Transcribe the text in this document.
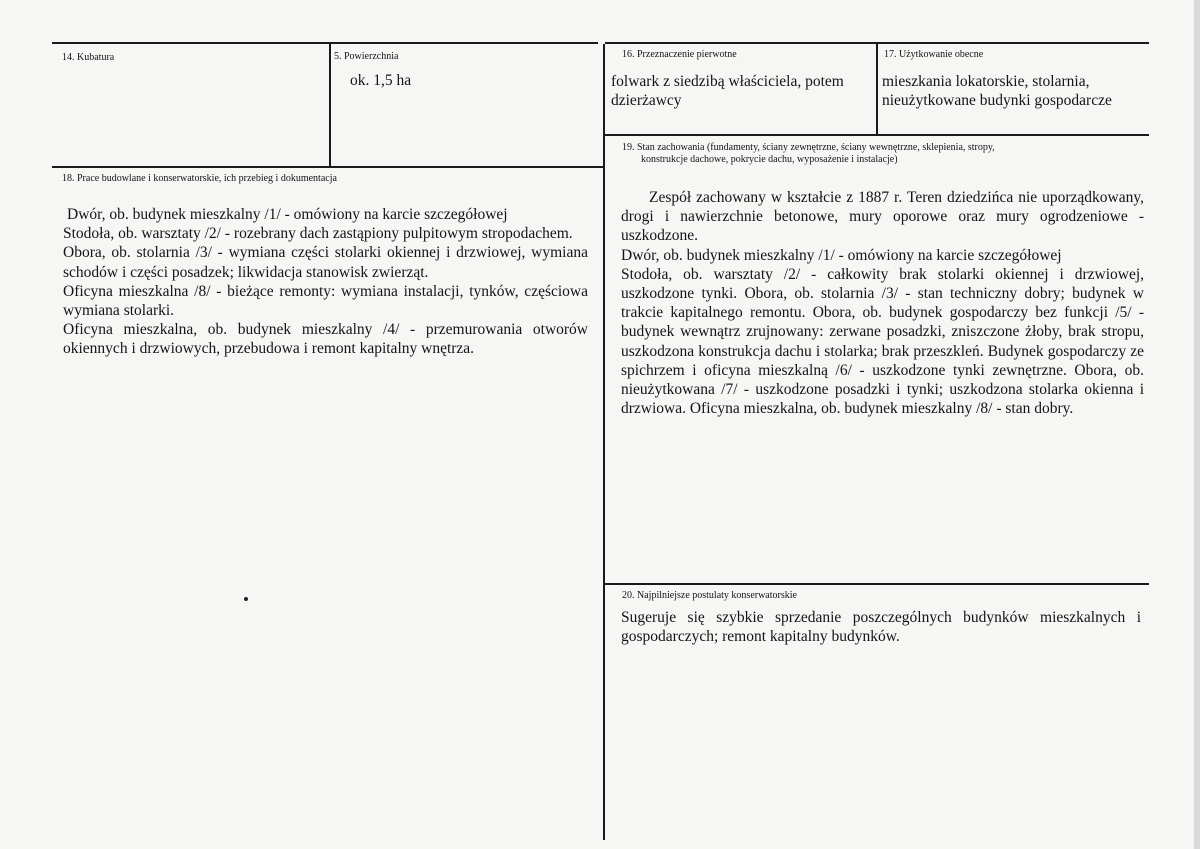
14. Kubatura	5. Powierzchnia
ok. 1,5 ha
16. Przeznaczenie pierwotne
folwark z siedzibą właściciela, potem dzierżawcy
17. Użytkowanie obecne
mieszkania lokatorskie, stolarnia, nieużytkowane budynki gospodarcze
18. Prace budowlane i konserwatorskie, ich przebieg i dokumentacja

Dwór, ob. budynek mieszkalny /1/ - omówiony na karcie szczegółowej

Stodoła, ob. warsztaty /2/ - rozebrany dach zastąpiony pulpitowym stropodachem.

Obora, ob. stolarnia /3/ - wymiana części stolarki okiennej i drzwiowej, wymiana schodów i części posadzek; likwidacja stanowisk zwierząt.

Oficyna mieszkalna /8/ - bieżące remonty: wymiana instalacji, tynków, częściowa wymiana stolarki.

Oficyna mieszkalna, ob. budynek mieszkalny /4/ - przemurowania otworów okiennych i drzwiowych, przebudowa i remont kapitalny wnętrza.

19. Stan zachowania (fundamenty, ściany zewnętrzne, ściany wewnętrzne, sklepienia, stropy,
konstrukcje dachowe, pokrycie dachu, wyposażenie i instalacje)

Zespół zachowany w kształcie z 1887 r. Teren dziedzińca nie uporządkowany, drogi i nawierzchnie betonowe, mury oporowe oraz mury ogrodzeniowe - uszkodzone.

Dwór, ob. budynek mieszkalny /1/ - omówiony na karcie szczegółowej

Stodoła, ob. warsztaty /2/ - całkowity brak stolarki okiennej i drzwiowej, uszkodzone tynki. Obora, ob. stolarnia /3/ - stan techniczny dobry; budynek w trakcie kapitalnego remontu. Obora, ob. budynek gospodarczy bez funkcji /5/ - budynek wewnątrz zrujnowany: zerwane posadzki, zniszczone żłoby, brak stropu, uszkodzona konstrukcja dachu i stolarka; brak przeszkleń. Budynek gospodarczy ze spichrzem i oficyna mieszkalną /6/ - uszkodzone tynki zewnętrzne. Obora, ob. nieużytkowana /7/ - uszkodzone posadzki i tynki; uszkodzona stolarka okienna i drzwiowa. Oficyna mieszkalna, ob. budynek mieszkalny /8/ - stan dobry.

20. Najpilniejsze postulaty konserwatorskie

Sugeruje się szybkie sprzedanie poszczególnych budynków mieszkalnych i gospodarczych; remont kapitalny budynków.
